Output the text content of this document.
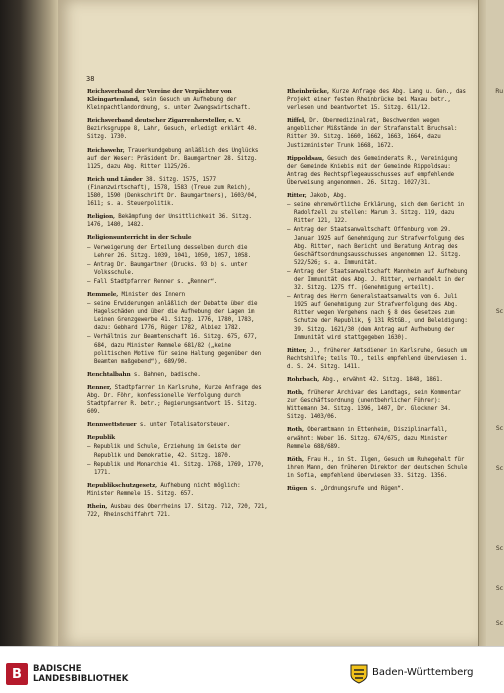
Ru
Sc
Sc
Sc
Sc
Sc
Sc
38
Reichsverband der Vereine der Verpächter von Kleingartenland, sein Gesuch um Aufhebung der Kleinpachtlandordnung, s. unter Zwangswirtschaft.
Reichsverband deutscher Zigarrenhersteller, e. V. Bezirksgruppe 8, Lahr, Gesuch, erledigt erklärt 40. Sitzg. 1730.
Reichswehr, Trauerkundgebung anläßlich des Unglücks auf der Weser: Präsident Dr. Baumgartner 28. Sitzg. 1125, dazu Abg. Ritter 1125/26.
Reich und Länder 38. Sitzg. 1575, 1577 (Finanzwirtschaft), 1578, 1583 (Treue zum Reich), 1580, 1590 (Denkschrift Dr. Baumgartners), 1603/04, 1611; s. a. Steuerpolitik.
Religion, Bekämpfung der Unsittlichkeit 36. Sitzg. 1476, 1480, 1482.
Religionsunterricht in der Schule
— Verweigerung der Erteilung desselben durch die Lehrer 26. Sitzg. 1039, 1041, 1050, 1057, 1058.
— Antrag Dr. Baumgartner (Drucks. 93 b) s. unter Volksschule.
— Fall Stadtpfarrer Renner s. „Renner“.
Remmele, Minister des Innern
— seine Erwiderungen anläßlich der Debatte über die Hagelschäden und über die Aufhebung der Lagen im Leinen Grenzgewerbe 41. Sitzg. 1776, 1780, 1783, dazu: Gebhard 1776, Rüger 1782, Albiez 1782.
— Verhältnis zur Beamtenschaft 16. Sitzg. 675, 677, 684, dazu Minister Remmele 681/82 („keine politischen Motive für seine Haltung gegenüber den Beamten maßgebend“), 689/90.
Renchtalbahn s. Bahnen, badische.
Renner, Stadtpfarrer in Karlsruhe, Kurze Anfrage des Abg. Dr. Föhr, konfessionelle Verfolgung durch Stadtpfarrer R. betr.; Regierungsantwort 15. Sitzg. 609.
Rennwettsteuer s. unter Totalisatorsteuer.
Republik
— Republik und Schule, Erziehung im Geiste der Republik und Demokratie, 42. Sitzg. 1870.
— Republik und Monarchie 41. Sitzg. 1768, 1769, 1770, 1771.
Republikschutzgesetz, Aufhebung nicht möglich: Minister Remmele 15. Sitzg. 657.
Rhein, Ausbau des Oberrheins 17. Sitzg. 712, 720, 721, 722, Rheinschiffahrt 721.
Rheinbrücke, Kurze Anfrage des Abg. Lang u. Gen., das Projekt einer festen Rheinbrücke bei Maxau betr., verlesen und beantwortet 15. Sitzg. 611/12.
Riffel, Dr. Obermedizinalrat, Beschwerden wegen angeblicher Mißstände in der Strafanstalt Bruchsal: Ritter 39. Sitzg. 1660, 1662, 1663, 1664, dazu Justizminister Trunk 1668, 1672.
Rippoldsau, Gesuch des Gemeinderats R., Vereinigung der Gemeinde Kniebis mit der Gemeinde Rippoldsau: Antrag des Rechtspflegeausschusses auf empfehlende Überweisung angenommen. 26. Sitzg. 1027/31.
Ritter, Jakob, Abg.
— seine ehrenwörtliche Erklärung, sich dem Gericht in Radolfzell zu stellen: Marum 3. Sitzg. 119, dazu Ritter 121, 122.
— Antrag der Staatsanwaltschaft Offenburg vom 29. Januar 1925 auf Genehmigung zur Strafverfolgung des Abg. Ritter, nach Bericht und Beratung Antrag des Geschäftsordnungsausschusses angenommen 12. Sitzg. 522/526; s. a. Immunität.
— Antrag der Staatsanwaltschaft Mannheim auf Aufhebung der Immunität des Abg. J. Ritter, verhandelt in der 32. Sitzg. 1275 ff. (Genehmigung erteilt).
— Antrag des Herrn Generalstaatsanwalts vom 6. Juli 1925 auf Genehmigung zur Strafverfolgung des Abg. Ritter wegen Vergehens nach § 8 des Gesetzes zum Schutze der Republik, § 131 RStGB., und Beleidigung: 39. Sitzg. 1621/30 (dem Antrag auf Aufhebung der Immunität wird stattgegeben 1630).
Ritter, J., früherer Amtsdiener in Karlsruhe, Gesuch um Rechtshilfe; teils TO., teils empfehlend überwiesen i. d. S. 24. Sitzg. 1411.
Rohrbach, Abg., erwähnt 42. Sitzg. 1848, 1861.
Roth, früherer Archivar des Landtags, sein Kommentar zur Geschäftsordnung (unentbehrlicher Führer): Wittemann 34. Sitzg. 1396, 1407, Dr. Glockner 34. Sitzg. 1403/06.
Roth, Oberamtmann in Ettenheim, Disziplinarfall, erwähnt: Weber 16. Sitzg. 674/675, dazu Minister Remmele 688/689.
Röth, Frau H., in St. Ilgen, Gesuch um Ruhegehalt für ihren Mann, den früheren Direktor der deutschen Schule in Sofia, empfehlend überwiesen 33. Sitzg. 1356.
Rügen s. „Ordnungsrufe und Rügen“.
B	BADISCHE
LANDESBIBLIOTHEK
Baden-Württemberg
